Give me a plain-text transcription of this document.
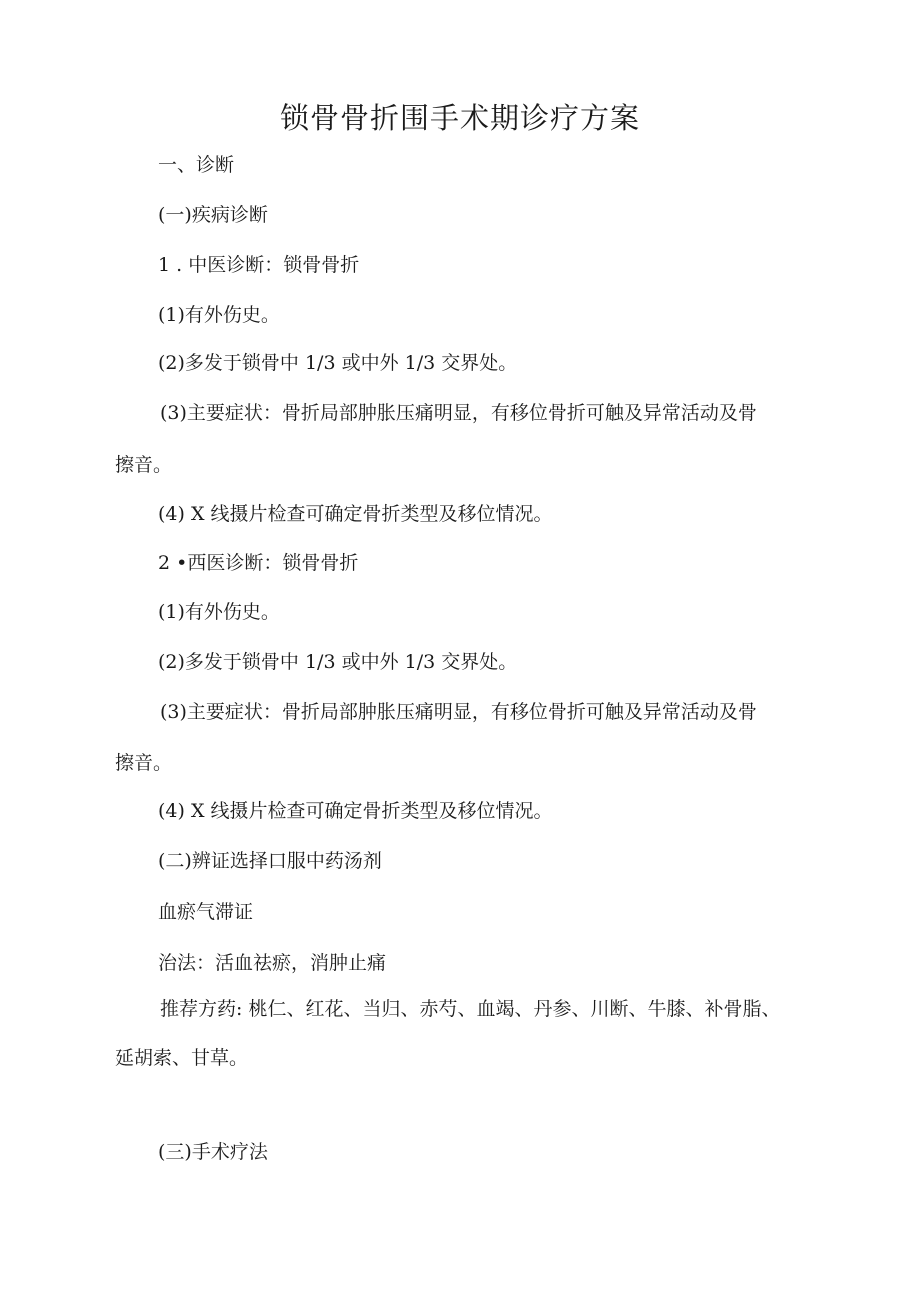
锁骨骨折围手术期诊疗方案
一、诊断
(一)疾病诊断
1 . 中医诊断：锁骨骨折
(1)有外伤史。
(2)多发于锁骨中 1/3 或中外 1/3 交界处。
(3)主要症状：骨折局部肿胀压痛明显，有移位骨折可触及异常活动及骨
擦音。
(4) X 线摄片检查可确定骨折类型及移位情况。
2 •西医诊断：锁骨骨折
(1)有外伤史。
(2)多发于锁骨中 1/3 或中外 1/3 交界处。
(3)主要症状：骨折局部肿胀压痛明显，有移位骨折可触及异常活动及骨
擦音。
(4) X 线摄片检查可确定骨折类型及移位情况。
(二)辨证选择口服中药汤剂
血瘀气滞证
治法：活血祛瘀，消肿止痛
推荐方药: 桃仁、红花、当归、赤芍、血竭、丹参、川断、牛膝、补骨脂、
延胡索、甘草。
(三)手术疗法
